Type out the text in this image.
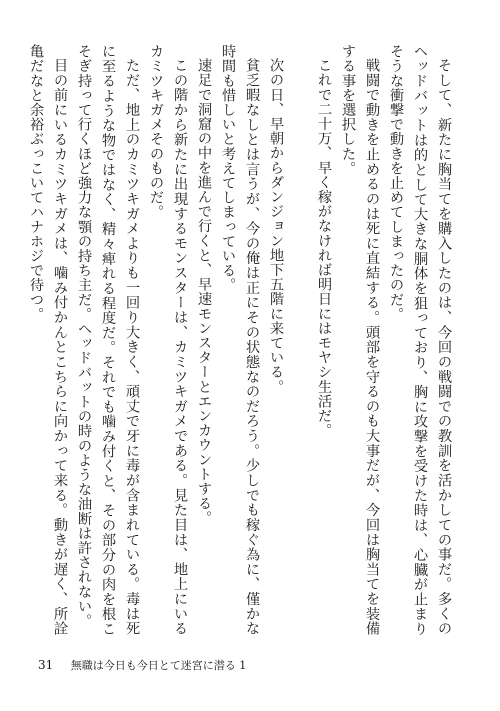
そして、新たに胸当てを購入したのは、今回の戦闘での教訓を活かしての事だ。多くのヘッドバットは的として大きな胴体を狙っており、胸に攻撃を受けた時は、心臓が止まりそうな衝撃で動きを止めてしまったのだ。

戦闘で動きを止めるのは死に直結する。頭部を守るのも大事だが、今回は胸当てを装備する事を選択した。

これで二十万、早く稼がなければ明日にはモヤシ生活だ。

次の日、早朝からダンジョン地下五階に来ている。

貧乏暇なしとは言うが、今の俺は正にその状態なのだろう。少しでも稼ぐ為に、僅かな時間も惜しいと考えてしまっている。

速足で洞窟の中を進んで行くと、早速モンスターとエンカウントする。

この階から新たに出現するモンスターは、カミツキガメである。見た目は、地上にいるカミツキガメそのものだ。

ただ、地上のカミツキガメよりも一回り大きく、頑丈で牙に毒が含まれている。毒は死に至るような物ではなく、精々痺れる程度だ。それでも噛み付くと、その部分の肉を根こそぎ持って行くほど強力な顎の持ち主だ。ヘッドバットの時のような油断は許されない。

目の前にいるカミツキガメは、噛み付かんとこちらに向かって来る。動きが遅く、所詮亀だなと余裕ぶっこいてハナホジで待つ。

31 無職は今日も今日とて迷宮に潜る 1
